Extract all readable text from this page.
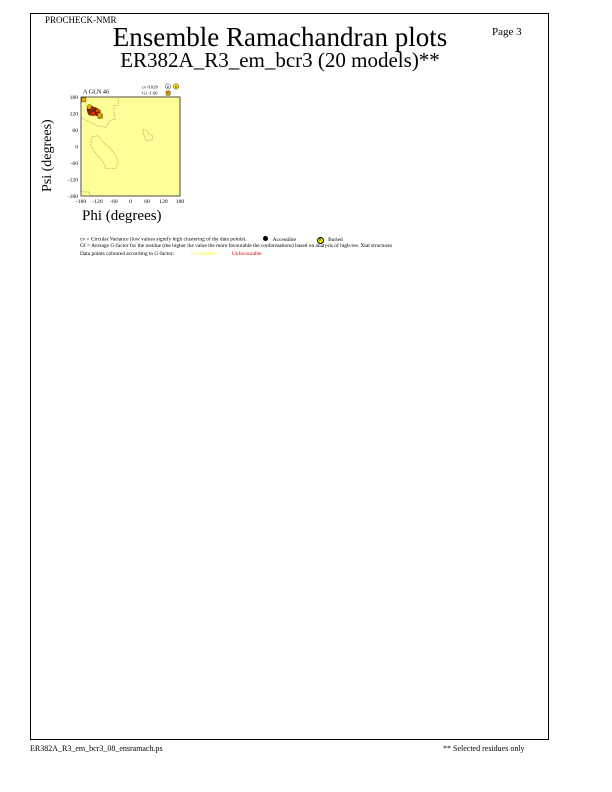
PROCHECK-NMR
Ensemble Ramachandran plots
ER382A_R3_em_bcr3 (20 models)**
Page 3
Psi (degrees)
Phi (degrees)
A GLN 46
cv 0.028
Gf -1.66
B B
-180 -120 -60 0 60 120 180
-180
-120
-60
0
60
120
180
cv = Circular Variance (low values signify high clustering of the data points).	Accessible	B Buried
Gf = Average G-factor for the residue (the higher the value the more favourable the conformations) based on analysis of high-res. Xtal structures
Data points coloured according to G-factor:	Favourable	Unfavourable
ER382A_R3_em_bcr3_08_ensramach.ps	** Selected residues only
